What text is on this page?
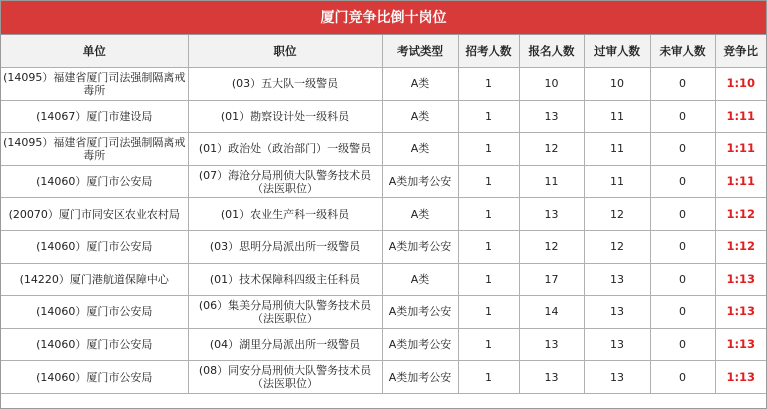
厦门竞争比倒十岗位
单位	职位	考试类型	招考人数	报名人数	过审人数	未审人数	竞争比
(14095）福建省厦门司法强制隔离戒毒所	(03）五大队一级警员	A类	1	10	10	0	1:10
(14067）厦门市建设局	(01）勘察设计处一级科员	A类	1	13	11	0	1:11
(14095）福建省厦门司法强制隔离戒毒所	(01）政治处（政治部门）一级警员	A类	1	12	11	0	1:11
(14060）厦门市公安局	(07）海沧分局刑侦大队警务技术员（法医职位）	A类加考公安	1	11	11	0	1:11
(20070）厦门市同安区农业农村局	(01）农业生产科一级科员	A类	1	13	12	0	1:12
(14060）厦门市公安局	(03）思明分局派出所一级警员	A类加考公安	1	12	12	0	1:12
(14220）厦门港航道保障中心	(01）技术保障科四级主任科员	A类	1	17	13	0	1:13
(14060）厦门市公安局	(06）集美分局刑侦大队警务技术员（法医职位）	A类加考公安	1	14	13	0	1:13
(14060）厦门市公安局	(04）湖里分局派出所一级警员	A类加考公安	1	13	13	0	1:13
(14060）厦门市公安局	(08）同安分局刑侦大队警务技术员（法医职位）	A类加考公安	1	13	13	0	1:13
